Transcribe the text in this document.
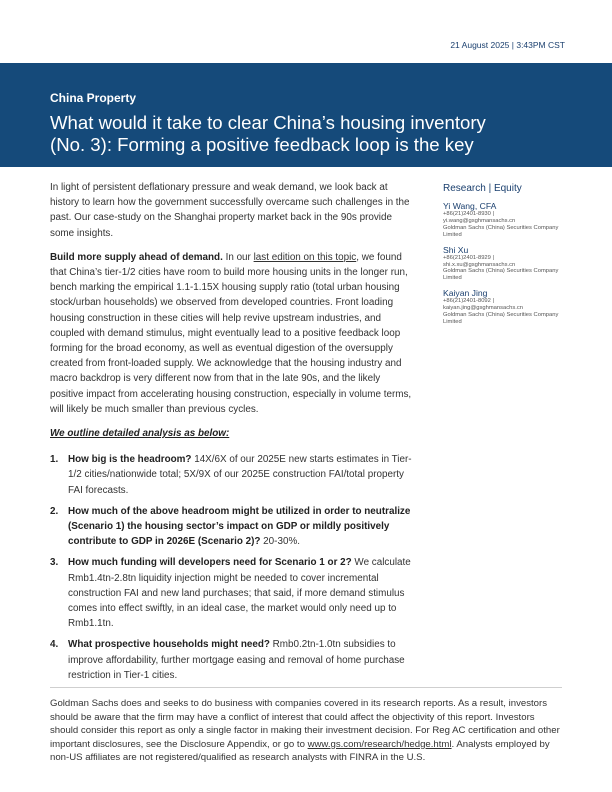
21 August 2025 | 3:43PM CST
China Property
What would it take to clear China’s housing inventory (No. 3): Forming a positive feedback loop is the key

In light of persistent deflationary pressure and weak demand, we look back at history to learn how the government successfully overcame such challenges in the past. Our case-study on the Shanghai property market back in the 90s provide some insights.

Build more supply ahead of demand. In our last edition on this topic, we found that China’s tier-1/2 cities have room to build more housing units in the longer run, bench marking the empirical 1.1-1.15X housing supply ratio (total urban housing stock/urban households) we observed from developed countries. Front loading housing construction in these cities will help revive upstream industries, and coupled with demand stimulus, might eventually lead to a positive feedback loop forming for the broad economy, as well as eventual digestion of the oversupply created from front-loaded supply. We acknowledge that the housing industry and macro backdrop is very different now from that in the late 90s, and the likely positive impact from accelerating housing construction, especially in volume terms, will likely be much smaller than previous cycles.

We outline detailed analysis as below:
1. How big is the headroom? 14X/6X of our 2025E new starts estimates in Tier-1/2 cities/nationwide total; 5X/9X of our 2025E construction FAI/total property FAI forecasts.
2. How much of the above headroom might be utilized in order to neutralize (Scenario 1) the housing sector’s impact on GDP or mildly positively contribute to GDP in 2026E (Scenario 2)? 20-30%.
3. How much funding will developers need for Scenario 1 or 2? We calculate Rmb1.4tn-2.8tn liquidity injection might be needed to cover incremental construction FAI and new land purchases; that said, if more demand stimulus comes into effect swiftly, in an ideal case, the market would only need up to Rmb1.1tn.
4. What prospective households might need? Rmb0.2tn-1.0tn subsidies to improve affordability, further mortgage easing and removal of home purchase restriction in Tier-1 cities.
Research | Equity
Yi Wang, CFA
+86(21)2401-8930 |
yi.wang@gsghmansachs.cn
Goldman Sachs (China) Securities Company Limited
Shi Xu
+86(21)2401-8929 |
shi.x.xu@gsghmansachs.cn
Goldman Sachs (China) Securities Company Limited
Kaiyan Jing
+86(21)2401-8092 |
kaiyan.jing@gsghmansachs.cn
Goldman Sachs (China) Securities Company Limited
Goldman Sachs does and seeks to do business with companies covered in its research reports. As a result, investors should be aware that the firm may have a conflict of interest that could affect the objectivity of this report. Investors should consider this report as only a single factor in making their investment decision. For Reg AC certification and other important disclosures, see the Disclosure Appendix, or go to www.gs.com/research/hedge.html. Analysts employed by non-US affiliates are not registered/qualified as research analysts with FINRA in the U.S.
